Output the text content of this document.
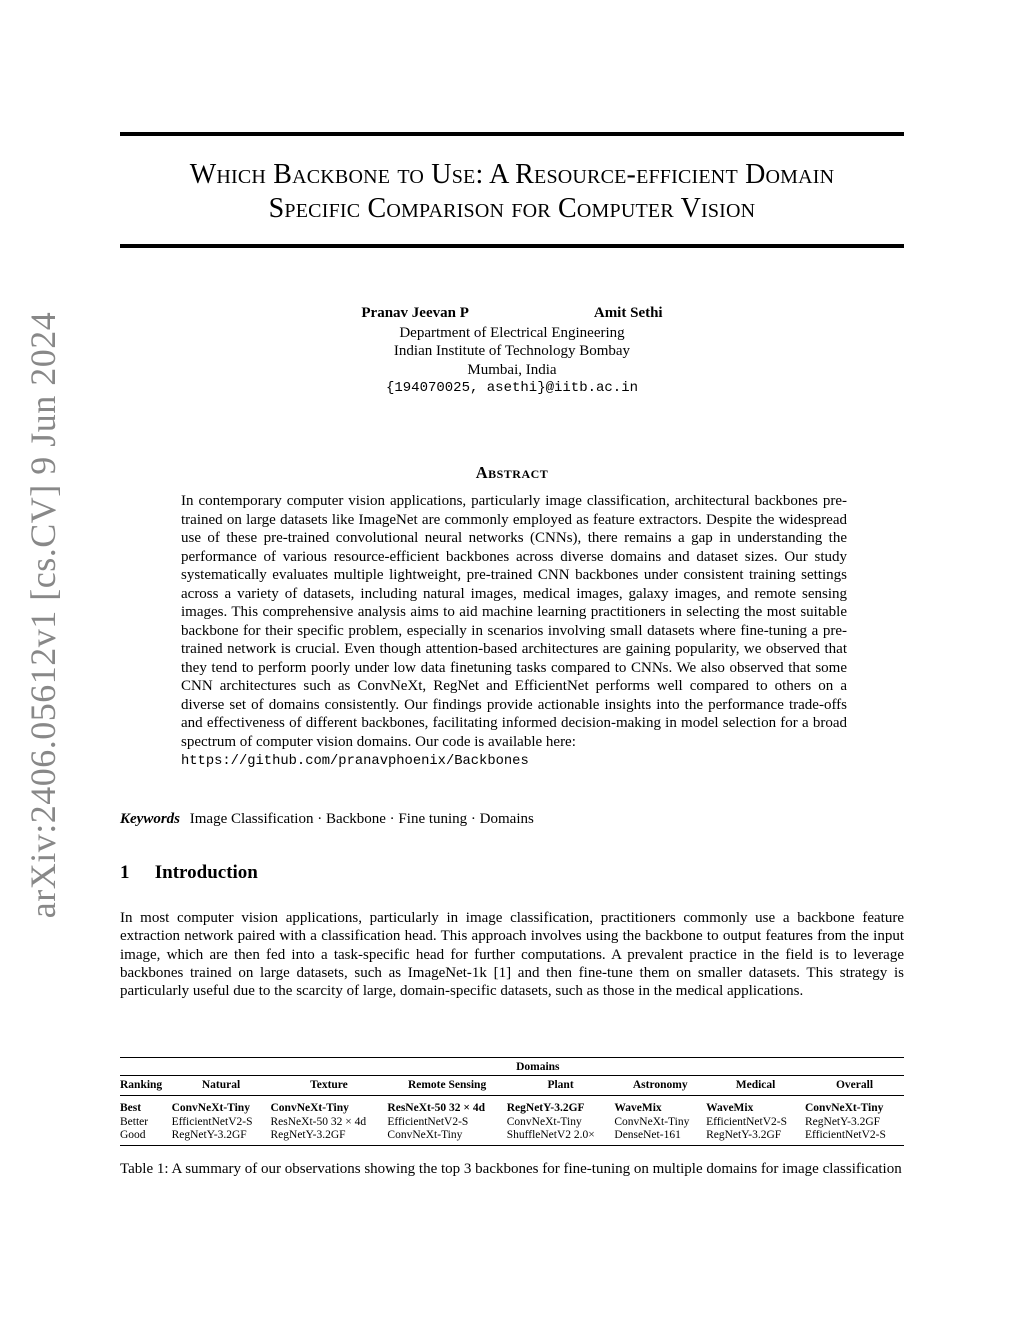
arXiv:2406.05612v1 [cs.CV] 9 Jun 2024
Which Backbone to Use: A Resource-efficient Domain
Specific Comparison for Computer Vision
Pranav Jeevan P	Amit Sethi
Department of Electrical Engineering
Indian Institute of Technology Bombay
Mumbai, India
{194070025, asethi}@iitb.ac.in
Abstract
In contemporary computer vision applications, particularly image classification, architectural backbones pre-trained on large datasets like ImageNet are commonly employed as feature extractors. Despite the widespread use of these pre-trained convolutional neural networks (CNNs), there remains a gap in understanding the performance of various resource-efficient backbones across diverse domains and dataset sizes. Our study systematically evaluates multiple lightweight, pre-trained CNN backbones under consistent training settings across a variety of datasets, including natural images, medical images, galaxy images, and remote sensing images. This comprehensive analysis aims to aid machine learning practitioners in selecting the most suitable backbone for their specific problem, especially in scenarios involving small datasets where fine-tuning a pre-trained network is crucial. Even though attention-based architectures are gaining popularity, we observed that they tend to perform poorly under low data finetuning tasks compared to CNNs. We also observed that some CNN architectures such as ConvNeXt, RegNet and EfficientNet performs well compared to others on a diverse set of domains consistently. Our findings provide actionable insights into the performance trade-offs and effectiveness of different backbones, facilitating informed decision-making in model selection for a broad spectrum of computer vision domains. Our code is available here:
https://github.com/pranavphoenix/Backbones
Keywords Image Classification · Backbone · Fine tuning · Domains
1 Introduction
In most computer vision applications, particularly in image classification, practitioners commonly use a backbone feature extraction network paired with a classification head. This approach involves using the backbone to output features from the input image, which are then fed into a task-specific head for further computations. A prevalent practice in the field is to leverage backbones trained on large datasets, such as ImageNet-1k [1] and then fine-tune them on smaller datasets. This strategy is particularly useful due to the scarcity of large, domain-specific datasets, such as those in the medical applications.
	Domains						
Ranking	Natural	Texture	Remote Sensing	Plant	Astronomy	Medical	Overall
Best	ConvNeXt-Tiny	ConvNeXt-Tiny	ResNeXt-50 32 × 4d	RegNetY-3.2GF	WaveMix	WaveMix	ConvNeXt-Tiny
Better	EfficientNetV2-S	ResNeXt-50 32 × 4d	EfficientNetV2-S	ConvNeXt-Tiny	ConvNeXt-Tiny	EfficientNetV2-S	RegNetY-3.2GF
Good	RegNetY-3.2GF	RegNetY-3.2GF	ConvNeXt-Tiny	ShuffleNetV2 2.0×	DenseNet-161	RegNetY-3.2GF	EfficientNetV2-S
Table 1: A summary of our observations showing the top 3 backbones for fine-tuning on multiple domains for image classification
